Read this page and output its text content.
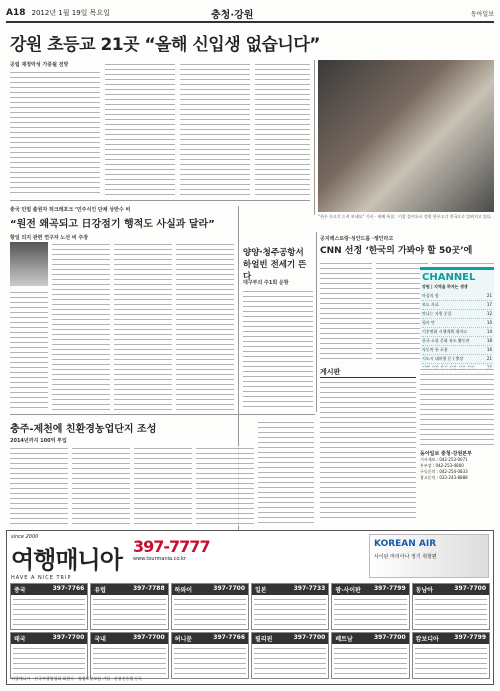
A18 2012년 1월 19일 목요일	충청·강원	동아일보
강원 초등교 21곳 “올해 신입생 없습니다”
공립 재정악성 가중될 전망
“한우 등고기 드셔 보세요” 기사 · 새해 특집 : 기상 풀어오시 강원 한우고기 전국으로 알려지고 있다.
충국 민법 출원자 허크레포크 ‘민주식인 단체 상반수 비
“원전 왜곡되고 日강점기 행적도 사실과 달라”
항일 의지 관련 연구자 노선 비 주장
양양·청주공항서 하얼빈 전세기 뜬다
대구부의 주1회 운항
공지레스토랑·성안드롬 ·쟁인라고
CNN 선정 ‘한국의 가봐야 할 50곳’에
CHANNEL
강원 | 지역을 하자는 생생
마음의 함	21
보도 자료	17
맛나는 자원 문을	12
평사 만	10
기후변화 시행계획 평마고	14
한국 소장 문화 유도 활동관	18
자동차 통 포용	16
시도시 대비원 문 / 출장	21
게시판
동아일보 충청·강원본부
기사제보 : 042-253-0071
본부장 : 042-253-4800
구독문의 : 042-254-0833
광고문의 : 033-243-8888
충주-제천에 친환경농업단지 조성
2014년까지 100억 투입
since 2000
여행매니아
HAVE A NICE TRIP
397-7777
www.tourmania.co.kr
KOREAN AIR
사이판 마리아나 정기 취항편
중국	397-7766 유럽	397-7788 하와이	397-7700 일본	397-7733 괌·사이판 397-7799 동남아	397-7700
태국	397-7700 국내	397-7700 허니문	397-7766 필리핀	397-7700 베트남	397-7700 캄보디아	397-7799
여행매니아 · 전국여행업협회 회원사 · 영업보증보험 가입 · 관광진흥법 등록
